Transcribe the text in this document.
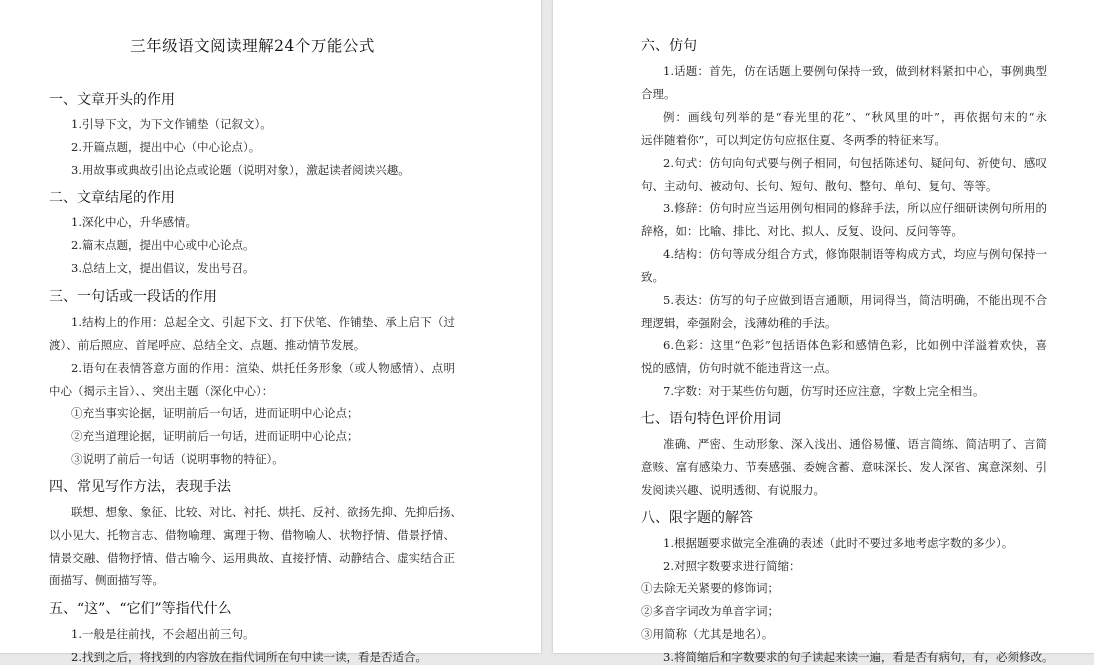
三年级语文阅读理解24个万能公式
一、文章开头的作用
1.引导下文，为下文作铺垫（记叙文）。
2.开篇点题，提出中心（中心论点）。
3.用故事或典故引出论点或论题（说明对象），激起读者阅读兴趣。
二、文章结尾的作用
1.深化中心，升华感情。
2.篇末点题，提出中心或中心论点。
3.总结上文，提出倡议，发出号召。
三、一句话或一段话的作用
1.结构上的作用：总起全文、引起下文、打下伏笔、作铺垫、承上启下（过
渡）、前后照应、首尾呼应、总结全文、点题、推动情节发展。
2.语句在表情答意方面的作用：渲染、烘托任务形象（或人物感情）、点明
中心（揭示主旨）、、突出主题（深化中心）：
①充当事实论据，证明前后一句话，进而证明中心论点；
②充当道理论据，证明前后一句话，进而证明中心论点；
③说明了前后一句话（说明事物的特征）。
四、常见写作方法，表现手法
联想、想象、象征、比较、对比、衬托、烘托、反衬、欲扬先抑、先抑后扬、
以小见大、托物言志、借物喻理、寓理于物、借物喻人、状物抒情、借景抒情、
情景交融、借物抒情、借古喻今、运用典故、直接抒情、动静结合、虚实结合正
面描写、侧面描写等。
五、“这”、“它们”等指代什么
1.一般是往前找，不会超出前三句。
2.找到之后，将找到的内容放在指代词所在句中读一读，看是否适合。
六、仿句
1.话题：首先，仿在话题上要例句保持一致，做到材料紧扣中心，事例典型
合理。
例：画线句列举的是“春光里的花”、“秋风里的叶”，再依据句末的“永
远伴随着你”，可以判定仿句应抠住夏、冬两季的特征来写。
2.句式：仿句向句式要与例子相同，句包括陈述句、疑问句、祈使句、感叹
句、主动句、被动句、长句、短句、散句、整句、单句、复句、等等。
3.修辞：仿句时应当运用例句相同的修辞手法，所以应仔细研读例句所用的
辞格，如：比喻、排比、对比、拟人、反复、设问、反问等等。
4.结构：仿句等成分组合方式，修饰限制语等构成方式，均应与例句保持一
致。
5.表达：仿写的句子应做到语言通顺，用词得当，简洁明确，不能出现不合
理逻辑，牵强附会，浅薄幼稚的手法。
6.色彩：这里“色彩”包括语体色彩和感情色彩，比如例中洋溢着欢快，喜
悦的感情，仿句时就不能违背这一点。
7.字数：对于某些仿句题，仿写时还应注意，字数上完全相当。
七、语句特色评价用词
准确、严密、生动形象、深入浅出、通俗易懂、语言简练、简洁明了、言简
意赅、富有感染力、节奏感强、委婉含蓄、意味深长、发人深省、寓意深刻、引
发阅读兴趣、说明透彻、有说服力。
八、限字题的解答
1.根据题要求做完全准确的表述（此时不要过多地考虑字数的多少）。
2.对照字数要求进行简缩：
①去除无关紧要的修饰词；
②多音字词改为单音字词；
③用简称（尤其是地名）。
3.将简缩后和字数要求的句子读起来读一遍，看是否有病句，有，必须修改。
